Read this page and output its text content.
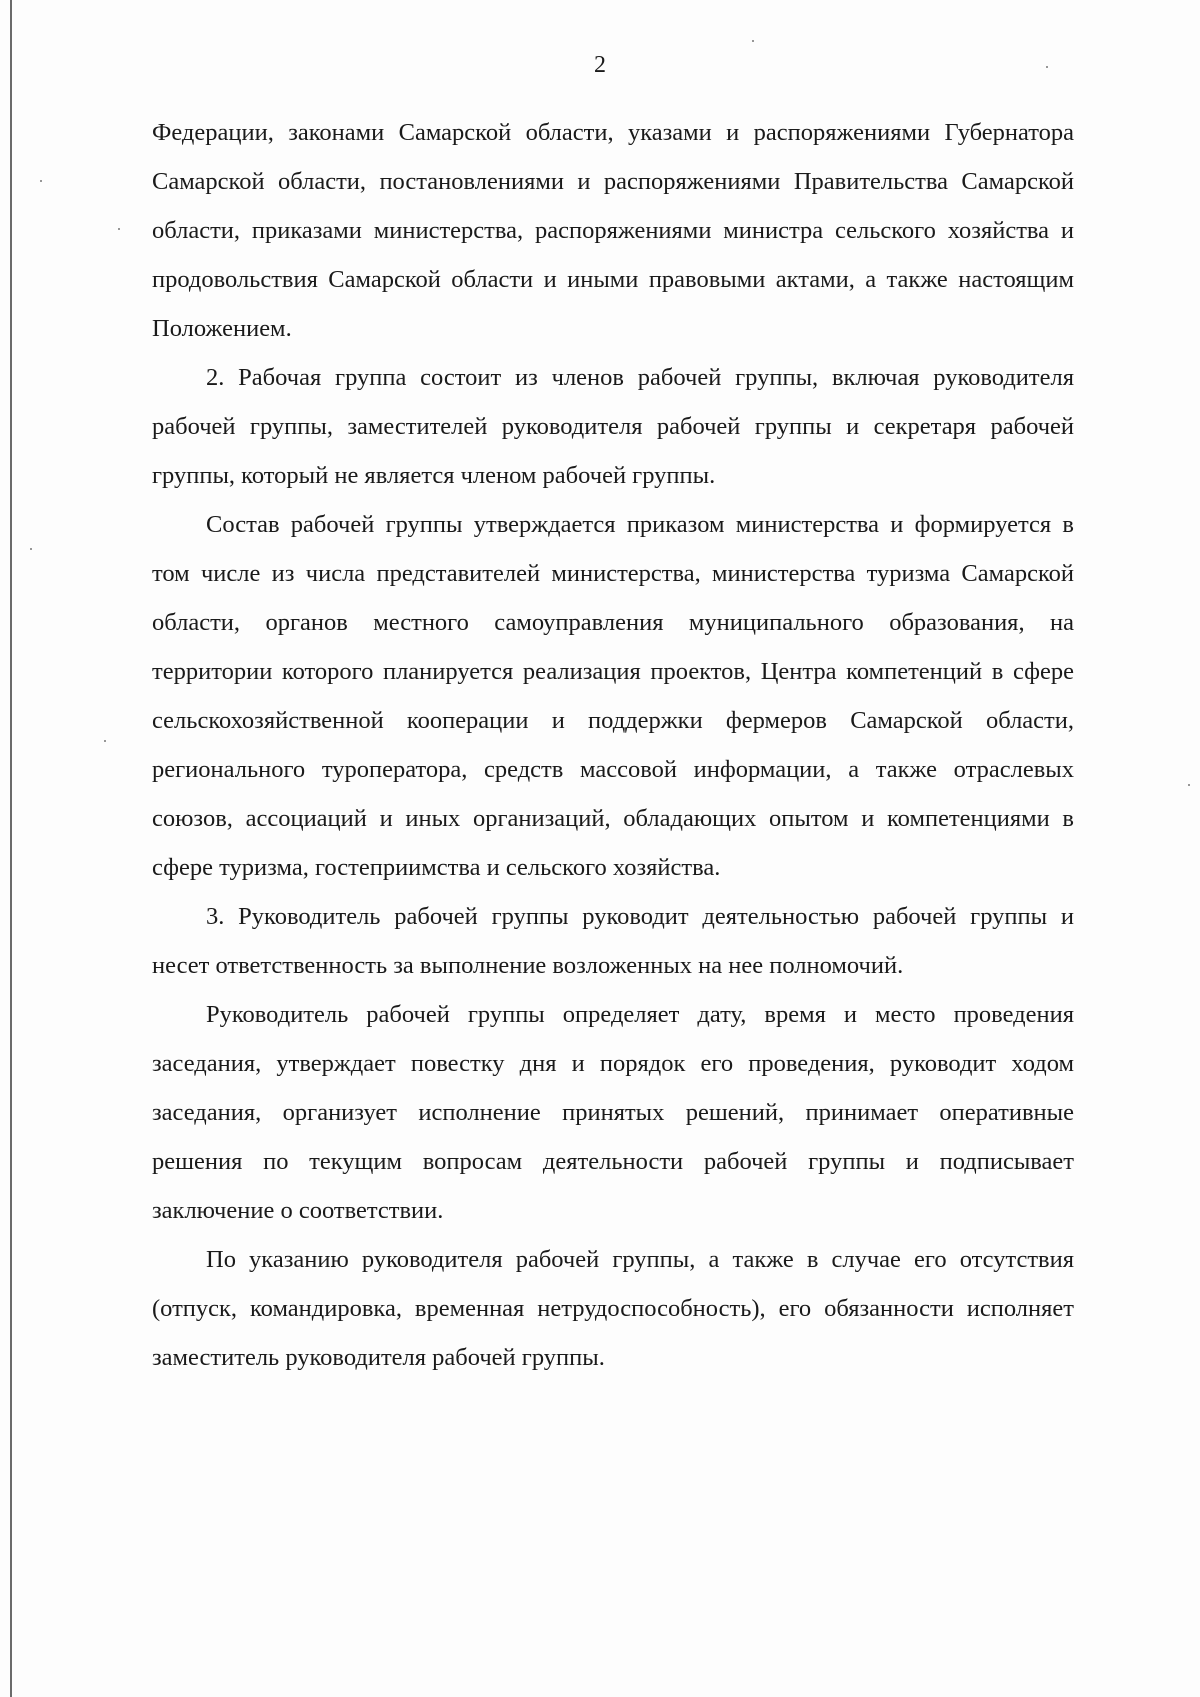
2

Федерации, законами Самарской области, указами и распоряжениями Губернатора Самарской области, постановлениями и распоряжениями Правительства Самарской области, приказами министерства, распоряжениями министра сельского хозяйства и продовольствия Самарской области и иными правовыми актами, а также настоящим Положением.

2. Рабочая группа состоит из членов рабочей группы, включая руководителя рабочей группы, заместителей руководителя рабочей группы и секретаря рабочей группы, который не является членом рабочей группы.

Состав рабочей группы утверждается приказом министерства и формируется в том числе из числа представителей министерства, министерства туризма Самарской области, органов местного самоуправления муниципального образования, на территории которого планируется реализация проектов, Центра компетенций в сфере сельскохозяйственной кооперации и поддержки фермеров Самарской области, регионального туроператора, средств массовой информации, а также отраслевых союзов, ассоциаций и иных организаций, обладающих опытом и компетенциями в сфере туризма, гостеприимства и сельского хозяйства.

3. Руководитель рабочей группы руководит деятельностью рабочей группы и несет ответственность за выполнение возложенных на нее полномочий.

Руководитель рабочей группы определяет дату, время и место проведения заседания, утверждает повестку дня и порядок его проведения, руководит ходом заседания, организует исполнение принятых решений, принимает оперативные решения по текущим вопросам деятельности рабочей группы и подписывает заключение о соответствии.

По указанию руководителя рабочей группы, а также в случае его отсутствия (отпуск, командировка, временная нетрудоспособность), его обязанности исполняет заместитель руководителя рабочей группы.
